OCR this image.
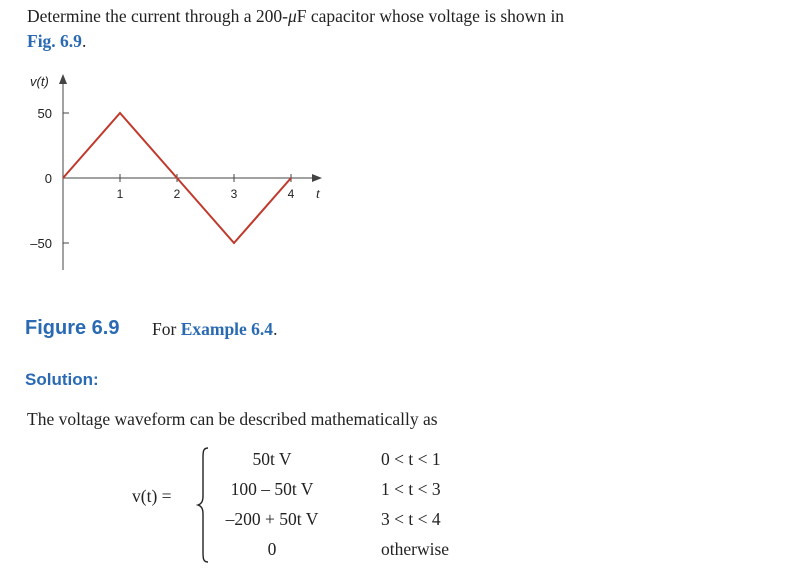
Determine the current through a 200-μF capacitor whose voltage is shown in
Fig. 6.9.
1	2	3	4
50
0
–50
v(t)
t
Figure 6.9 For Example 6.4.
Solution:
The voltage waveform can be described mathematically as
v(t) =
50t V	0 < t < 1
100 – 50t V	1 < t < 3
–200 + 50t V	3 < t < 4
0	otherwise
